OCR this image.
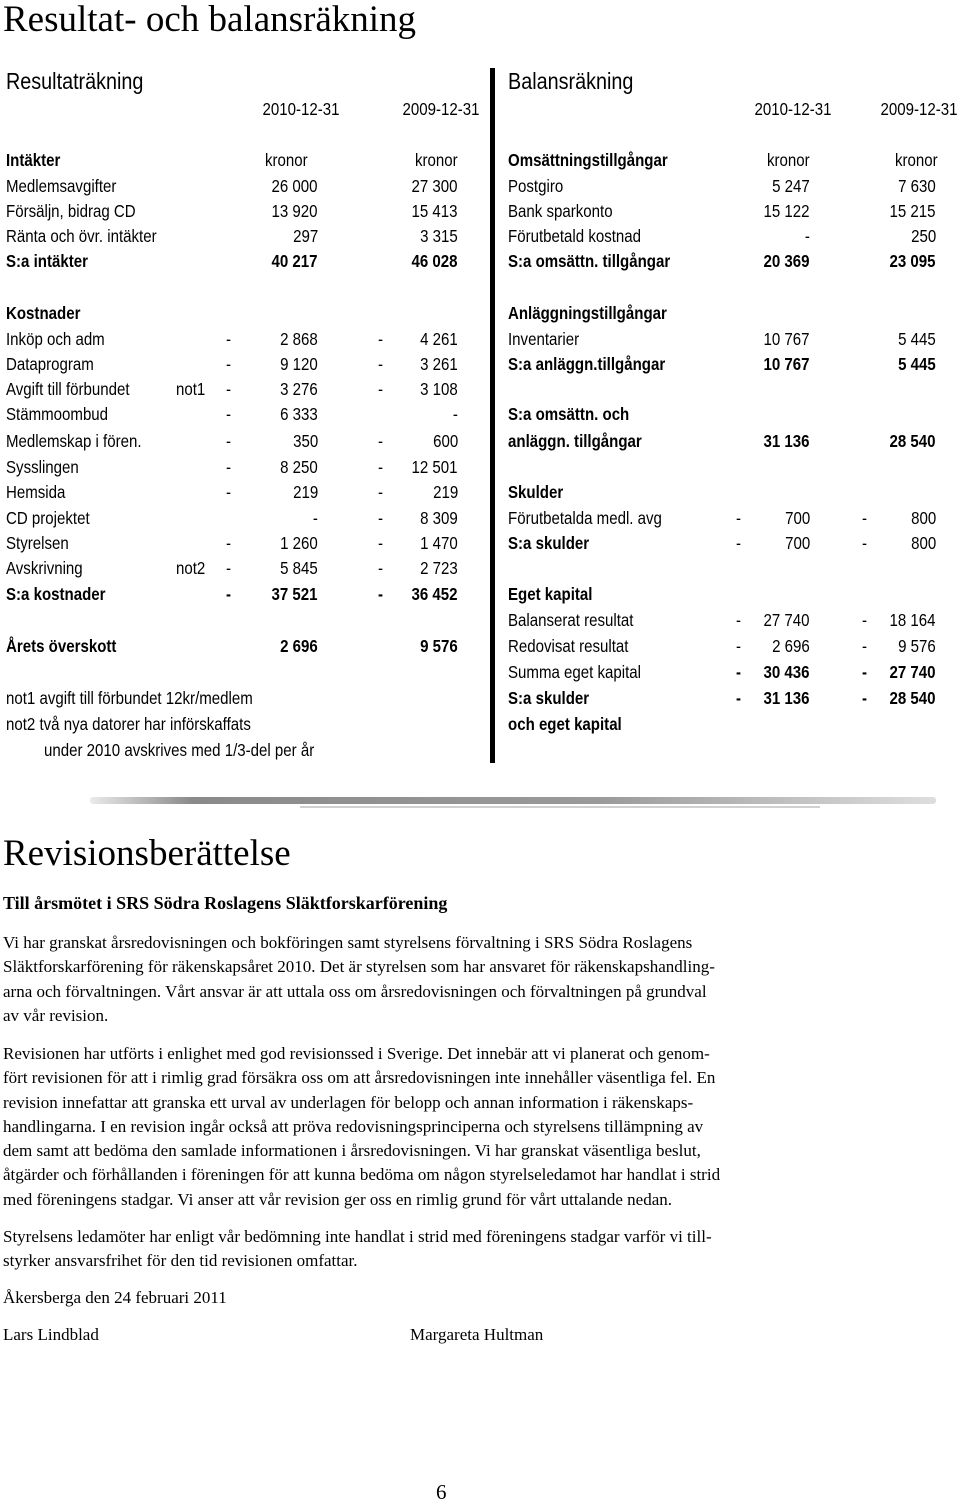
Resultat- och balansräkning
Resultaträkning
2010-12-31	2009-12-31
Intäkter	kronor	kronor
Medlemsavgifter	26 000	27 300
Försäljn, bidrag CD	13 920	15 413
Ränta och övr. intäkter	297	3 315
S:a intäkter	40 217	46 028
Kostnader
Inköp och adm	-	2 868	- 4 261
Dataprogram	-	9 120	- 3 261
Avgift till förbundet	not1 -	3 276	- 3 108
Stämmoombud	-	6 333	-
Medlemskap i fören.	-	350	-	600
Sysslingen	-	8 250	- 12 501
Hemsida	-	219	-	219
CD projektet	-	- 8 309
Styrelsen	-	1 260	- 1 470
Avskrivning	not2 -	5 845	- 2 723
S:a kostnader	- 37 521	- 36 452
Årets överskott	2 696	9 576
not1 avgift till förbundet 12kr/medlem
not2 två nya datorer har införskaffats
under 2010 avskrives med 1/3-del per år
Balansräkning
2010-12-31	2009-12-31
Omsättningstillgångar	kronor	kronor
Postgiro	5 247	7 630
Bank sparkonto	15 122	15 215
Förutbetald kostnad	-	250
S:a omsättn. tillgångar	20 369	23 095
Anläggningstillgångar
Inventarier	10 767	5 445
S:a anläggn.tillgångar	10 767	5 445
S:a omsättn. och
anläggn. tillgångar	31 136	28 540
Skulder
Förutbetalda medl. avg	-	700	-	800
S:a skulder	-	700	-	800
Eget kapital
Balanserat resultat	- 27 740	- 18 164
Redovisat resultat	- 2 696	- 9 576
Summa eget kapital	- 30 436	- 27 740
S:a skulder
och eget kapital
- 31 136	- 28 540
Revisionsberättelse
Till årsmötet i SRS Södra Roslagens Släktforskarförening
Vi har granskat årsredovisningen och bokföringen samt styrelsens förvaltning i SRS Södra Roslagens
Släktforskarförening för räkenskapsåret 2010. Det är styrelsen som har ansvaret för räkenskapshandling-
arna och förvaltningen. Vårt ansvar är att uttala oss om årsredovisningen och förvaltningen på grundval
av vår revision.
Revisionen har utförts i enlighet med god revisionssed i Sverige. Det innebär att vi planerat och genom-
fört revisionen för att i rimlig grad försäkra oss om att årsredovisningen inte innehåller väsentliga fel. En
revision innefattar att granska ett urval av underlagen för belopp och annan information i räkenskaps-
handlingarna. I en revision ingår också att pröva redovisningsprinciperna och styrelsens tillämpning av
dem samt att bedöma den samlade informationen i årsredovisningen. Vi har granskat väsentliga beslut,
åtgärder och förhållanden i föreningen för att kunna bedöma om någon styrelseledamot har handlat i strid
med föreningens stadgar. Vi anser att vår revision ger oss en rimlig grund för vårt uttalande nedan.
Styrelsens ledamöter har enligt vår bedömning inte handlat i strid med föreningens stadgar varför vi till-
styrker ansvarsfrihet för den tid revisionen omfattar.
Åkersberga den 24 februari 2011
Lars Lindblad	Margareta Hultman
6
